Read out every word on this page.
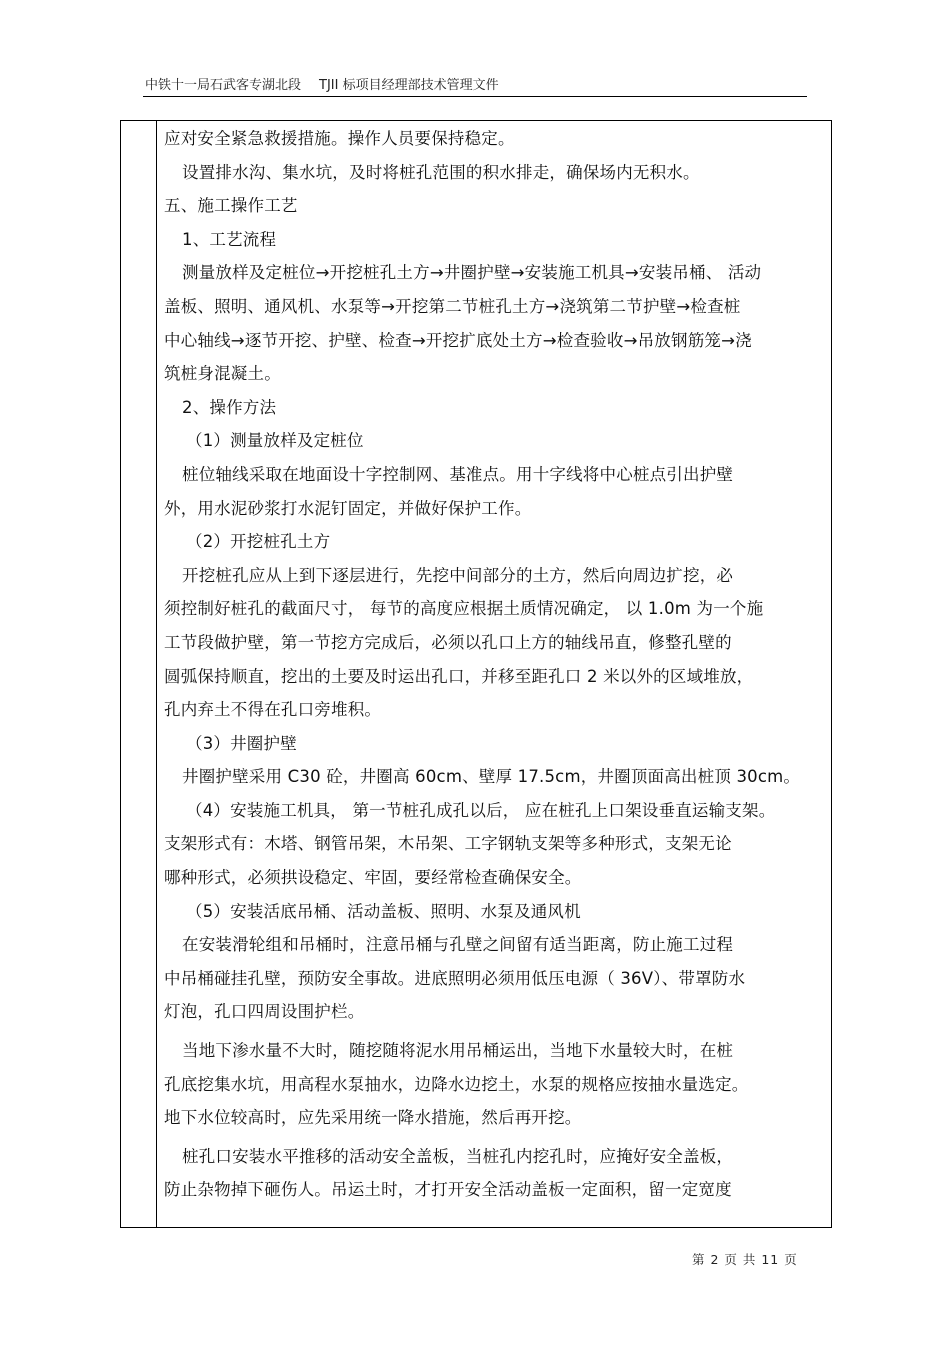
中铁十一局石武客专湖北段 TJII 标项目经理部技术管理文件
应对安全紧急救援措施。操作人员要保持稳定。
设置排水沟、集水坑，及时将桩孔范围的积水排走，确保场内无积水。
五、施工操作工艺
1、工艺流程
测量放样及定桩位→开挖桩孔土方→井圈护壁→安装施工机具→安装吊桶、 活动
盖板、照明、通风机、水泵等→开挖第二节桩孔土方→浇筑第二节护壁→检查桩
中心轴线→逐节开挖、护壁、检查→开挖扩底处土方→检查验收→吊放钢筋笼→浇
筑桩身混凝土。
2、操作方法
（1）测量放样及定桩位
桩位轴线采取在地面设十字控制网、基准点。用十字线将中心桩点引出护壁
外，用水泥砂浆打水泥钉固定，并做好保护工作。
（2）开挖桩孔土方
开挖桩孔应从上到下逐层进行，先挖中间部分的土方，然后向周边扩挖，必
须控制好桩孔的截面尺寸， 每节的高度应根据土质情况确定， 以 1.0m 为一个施
工节段做护壁，第一节挖方完成后，必须以孔口上方的轴线吊直，修整孔壁的
圆弧保持顺直，挖出的土要及时运出孔口，并移至距孔口 2 米以外的区域堆放，
孔内弃土不得在孔口旁堆积。
（3）井圈护壁
井圈护壁采用 C30 砼，井圈高 60cm、壁厚 17.5cm，井圈顶面高出桩顶 30cm。
（4）安装施工机具， 第一节桩孔成孔以后， 应在桩孔上口架设垂直运输支架。
支架形式有：木塔、钢管吊架，木吊架、工字钢轨支架等多种形式，支架无论
哪种形式，必须拱设稳定、牢固，要经常检查确保安全。
（5）安装活底吊桶、活动盖板、照明、水泵及通风机
在安装滑轮组和吊桶时，注意吊桶与孔壁之间留有适当距离，防止施工过程
中吊桶碰挂孔壁，预防安全事故。进底照明必须用低压电源（ 36V）、带罩防水
灯泡，孔口四周设围护栏。
当地下渗水量不大时，随挖随将泥水用吊桶运出，当地下水量较大时，在桩
孔底挖集水坑，用高程水泵抽水，边降水边挖土，水泵的规格应按抽水量选定。
地下水位较高时，应先采用统一降水措施，然后再开挖。
桩孔口安装水平推移的活动安全盖板，当桩孔内挖孔时，应掩好安全盖板，
防止杂物掉下砸伤人。吊运土时，才打开安全活动盖板一定面积，留一定宽度
第 2 页 共 11 页
